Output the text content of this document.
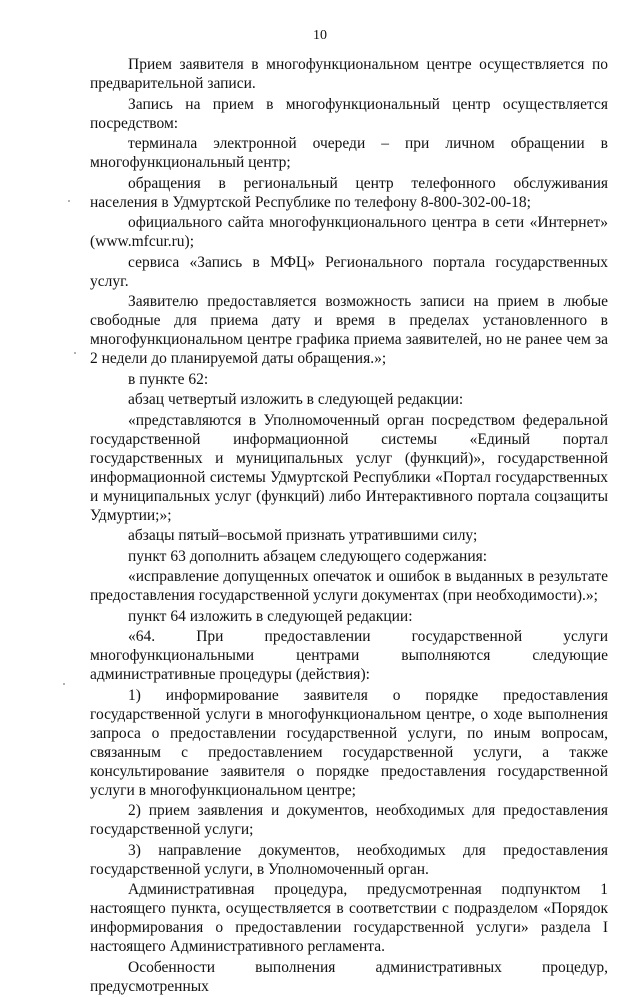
10

Прием заявителя в многофункциональном центре осуществляется по предварительной записи.

Запись на прием в многофункциональный центр осуществляется посредством:

терминала электронной очереди – при личном обращении в многофункциональный центр;

обращения в региональный центр телефонного обслуживания населения в Удмуртской Республике по телефону 8-800-302-00-18;

официального сайта многофункционального центра в сети «Интернет» (www.mfcur.ru);

сервиса «Запись в МФЦ» Регионального портала государственных услуг.

Заявителю предоставляется возможность записи на прием в любые свободные для приема дату и время в пределах установленного в многофункциональном центре графика приема заявителей, но не ранее чем за 2 недели до планируемой даты обращения.»;

в пункте 62:

абзац четвертый изложить в следующей редакции:

«представляются в Уполномоченный орган посредством федеральной государственной информационной системы «Единый портал государственных и муниципальных услуг (функций)», государственной информационной системы Удмуртской Республики «Портал государственных и муниципальных услуг (функций) либо Интерактивного портала соцзащиты Удмуртии;»;

абзацы пятый–восьмой признать утратившими силу;

пункт 63 дополнить абзацем следующего содержания:

«исправление допущенных опечаток и ошибок в выданных в результате предоставления государственной услуги документах (при необходимости).»;

пункт 64 изложить в следующей редакции:

«64. При предоставлении государственной услуги многофункциональными центрами выполняются следующие административные процедуры (действия):

1) информирование заявителя о порядке предоставления государственной услуги в многофункциональном центре, о ходе выполнения запроса о предоставлении государственной услуги, по иным вопросам, связанным с предоставлением государственной услуги, а также консультирование заявителя о порядке предоставления государственной услуги в многофункциональном центре;

2) прием заявления и документов, необходимых для предоставления государственной услуги;

3) направление документов, необходимых для предоставления государственной услуги, в Уполномоченный орган.

Административная процедура, предусмотренная подпунктом 1 настоящего пункта, осуществляется в соответствии с подразделом «Порядок информирования о предоставлении государственной услуги» раздела I настоящего Административного регламента.

Особенности выполнения административных процедур, предусмотренных
